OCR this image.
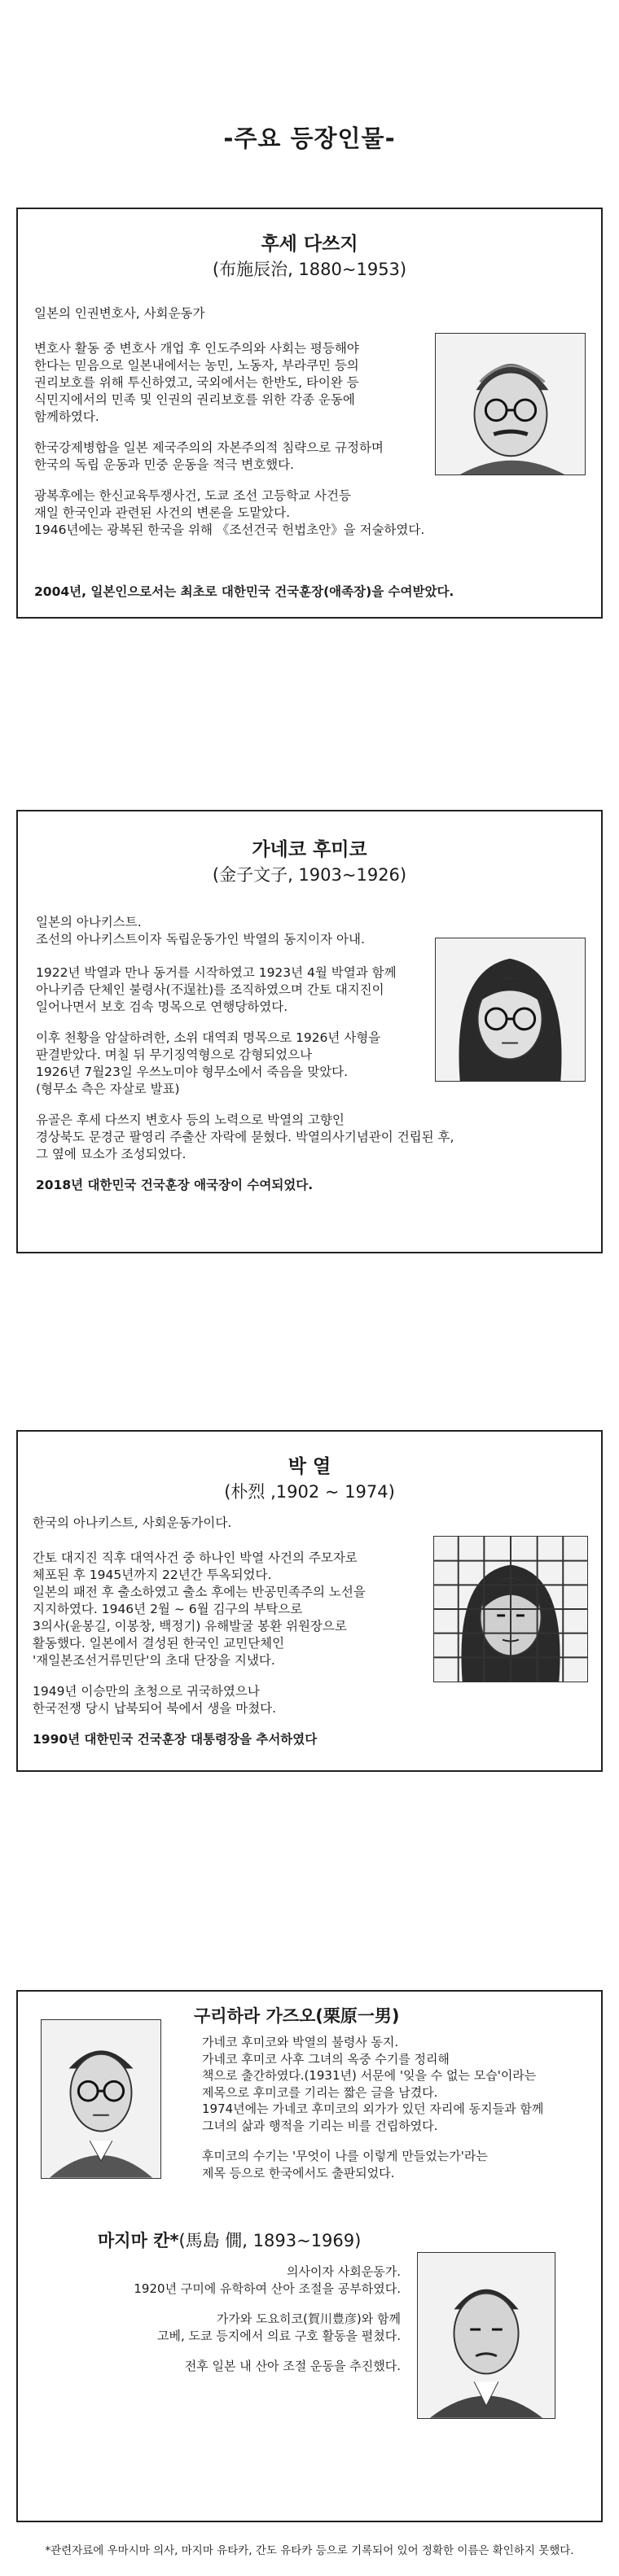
-주요 등장인물-
후세 다쓰지
(布施辰治, 1880~1953)

일본의 인권변호사, 사회운동가

변호사 활동 중 변호사 개업 후 인도주의와 사회는 평등해야
한다는 믿음으로 일본내에서는 농민, 노동자, 부라쿠민 등의
권리보호를 위해 투신하였고, 국외에서는 한반도, 타이완 등
식민지에서의 민족 및 인권의 권리보호를 위한 각종 운동에
함께하였다.

한국강제병합을 일본 제국주의의 자본주의적 침략으로 규정하며
한국의 독립 운동과 민중 운동을 적극 변호했다.

광복후에는 한신교육투쟁사건, 도쿄 조선 고등학교 사건등
재일 한국인과 관련된 사건의 변론을 도맡았다.
1946년에는 광복된 한국을 위해 《조선건국 헌법초안》을 저술하였다.

2004년, 일본인으로서는 최초로 대한민국 건국훈장(애족장)을 수여받았다.

가네코 후미코
(金子文子, 1903~1926)

일본의 아나키스트.
조선의 아나키스트이자 독립운동가인 박열의 동지이자 아내.

1922년 박열과 만나 동거를 시작하였고 1923년 4월 박열과 함께
아나키즘 단체인 불령사(不逞社)를 조직하였으며 간토 대지진이
일어나면서 보호 검속 명목으로 연행당하였다.

이후 천황을 암살하려한, 소위 대역죄 명목으로 1926년 사형을
판결받았다. 며칠 뒤 무기징역형으로 감형되었으나
1926년 7월23일 우쓰노미야 형무소에서 죽음을 맞았다.
(형무소 측은 자살로 발표)

유골은 후세 다쓰지 변호사 등의 노력으로 박열의 고향인
경상북도 문경군 팔영리 주출산 자락에 묻혔다. 박열의사기념관이 건립된 후,
그 옆에 묘소가 조성되었다.

2018년 대한민국 건국훈장 애국장이 수여되었다.

박 열
(朴烈 ,1902 ~ 1974)

한국의 아나키스트, 사회운동가이다.

간토 대지진 직후 대역사건 중 하나인 박열 사건의 주모자로
체포된 후 1945년까지 22년간 투옥되었다.
일본의 패전 후 출소하였고 출소 후에는 반공민족주의 노선을
지지하였다. 1946년 2월 ~ 6월 김구의 부탁으로
3의사(윤봉길, 이봉창, 백정기) 유해발굴 봉환 위원장으로
활동했다. 일본에서 결성된 한국인 교민단체인
'재일본조선거류민단'의 초대 단장을 지냈다.

1949년 이승만의 초청으로 귀국하였으나
한국전쟁 당시 납북되어 북에서 생을 마쳤다.

1990년 대한민국 건국훈장 대통령장을 추서하였다

구리하라 가즈오(栗原一男)

가네코 후미코와 박열의 불령사 동지.
가네코 후미코 사후 그녀의 옥중 수기를 정리해
책으로 출간하였다.(1931년) 서문에 '잊을 수 없는 모습'이라는
제목으로 후미코를 기리는 짧은 글을 남겼다.
1974년에는 가네코 후미코의 외가가 있던 자리에 동지들과 함께
그녀의 삶과 행적을 기리는 비를 건립하였다.

후미코의 수기는 '무엇이 나를 이렇게 만들었는가'라는
제목 등으로 한국에서도 출판되었다.

마지마 칸*(馬島 僩, 1893~1969)

의사이자 사회운동가.
1920년 구미에 유학하여 산아 조절을 공부하였다.

가가와 도요히코(賀川豊彦)와 함께
고베, 도쿄 등지에서 의료 구호 활동을 펼쳤다.

전후 일본 내 산아 조절 운동을 추진했다.

*관련자료에 우마시마 의사, 마지마 유타카, 간도 유타카 등으로 기록되어 있어 정확한 이름은 확인하지 못했다.
